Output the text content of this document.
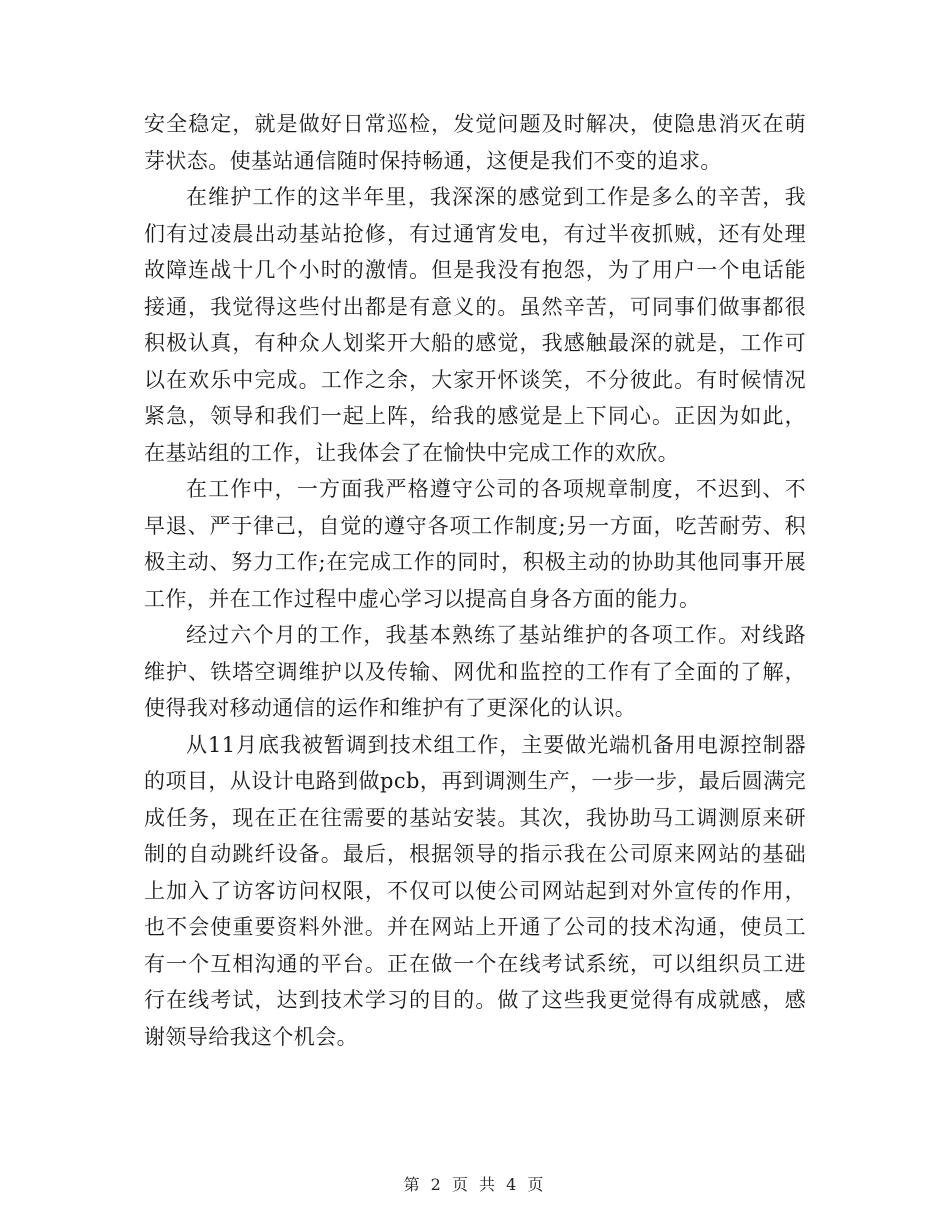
安全稳定，就是做好日常巡检，发觉问题及时解决，使隐患消灭在萌芽状态。使基站通信随时保持畅通，这便是我们不变的追求。

在维护工作的这半年里，我深深的感觉到工作是多么的辛苦，我们有过凌晨出动基站抢修，有过通宵发电，有过半夜抓贼，还有处理故障连战十几个小时的激情。但是我没有抱怨，为了用户一个电话能接通，我觉得这些付出都是有意义的。虽然辛苦，可同事们做事都很积极认真，有种众人划桨开大船的感觉，我感触最深的就是，工作可以在欢乐中完成。工作之余，大家开怀谈笑，不分彼此。有时候情况紧急，领导和我们一起上阵，给我的感觉是上下同心。正因为如此，在基站组的工作，让我体会了在愉快中完成工作的欢欣。

在工作中，一方面我严格遵守公司的各项规章制度，不迟到、不早退、严于律己，自觉的遵守各项工作制度;另一方面，吃苦耐劳、积极主动、努力工作;在完成工作的同时，积极主动的协助其他同事开展工作，并在工作过程中虚心学习以提高自身各方面的能力。

经过六个月的工作，我基本熟练了基站维护的各项工作。对线路维护、铁塔空调维护以及传输、网优和监控的工作有了全面的了解，使得我对移动通信的运作和维护有了更深化的认识。

从11月底我被暂调到技术组工作，主要做光端机备用电源控制器的项目，从设计电路到做pcb，再到调测生产，一步一步，最后圆满完成任务，现在正在往需要的基站安装。其次，我协助马工调测原来研制的自动跳纤设备。最后，根据领导的指示我在公司原来网站的基础上加入了访客访问权限，不仅可以使公司网站起到对外宣传的作用，也不会使重要资料外泄。并在网站上开通了公司的技术沟通，使员工有一个互相沟通的平台。正在做一个在线考试系统，可以组织员工进行在线考试，达到技术学习的目的。做了这些我更觉得有成就感，感谢领导给我这个机会。

第 2 页 共 4 页
